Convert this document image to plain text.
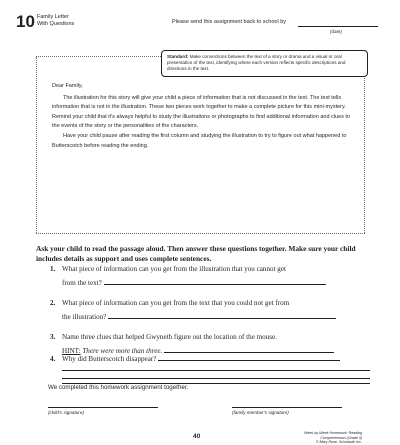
10 Family Letter
With Questions	Please send this assignment back to school by
(date)
Standard: Make connections between the text of a story or drama and a visual or oral presentation of the text, identifying where each version reflects specific descriptions and directions in the text.
Dear Family,

The illustration for this story will give your child a piece of information that is not discussed in the text. The text tells information that is not in the illustration. These two pieces work together to make a complete picture for this mini-mystery. Remind your child that it’s always helpful to study the illustrations or photographs to find additional information and clues to the events of the story or the personalities of the characters.

Have your child pause after reading the first column and studying the illustration to try to figure out what happened to Butterscotch before reading the ending.

Ask your child to read the passage aloud. Then answer these questions together. Make sure your child includes details as support and uses complete sentences.
1. What piece of information can you get from the illustration that you cannot get
from the text?
2. What piece of information can you get from the text that you could not get from
the illustration?
3. Name three clues that helped Gwyneth figure out the location of the mouse.
HINT: There were more than three.
4. Why did Butterscotch disappear?
We completed this homework assignment together.
(child’s signature)	(family member’s signature)
40	Week-by-Week Homework: Reading Comprehension (Grade 4)
© Mary Rose, Scholastic Inc.
